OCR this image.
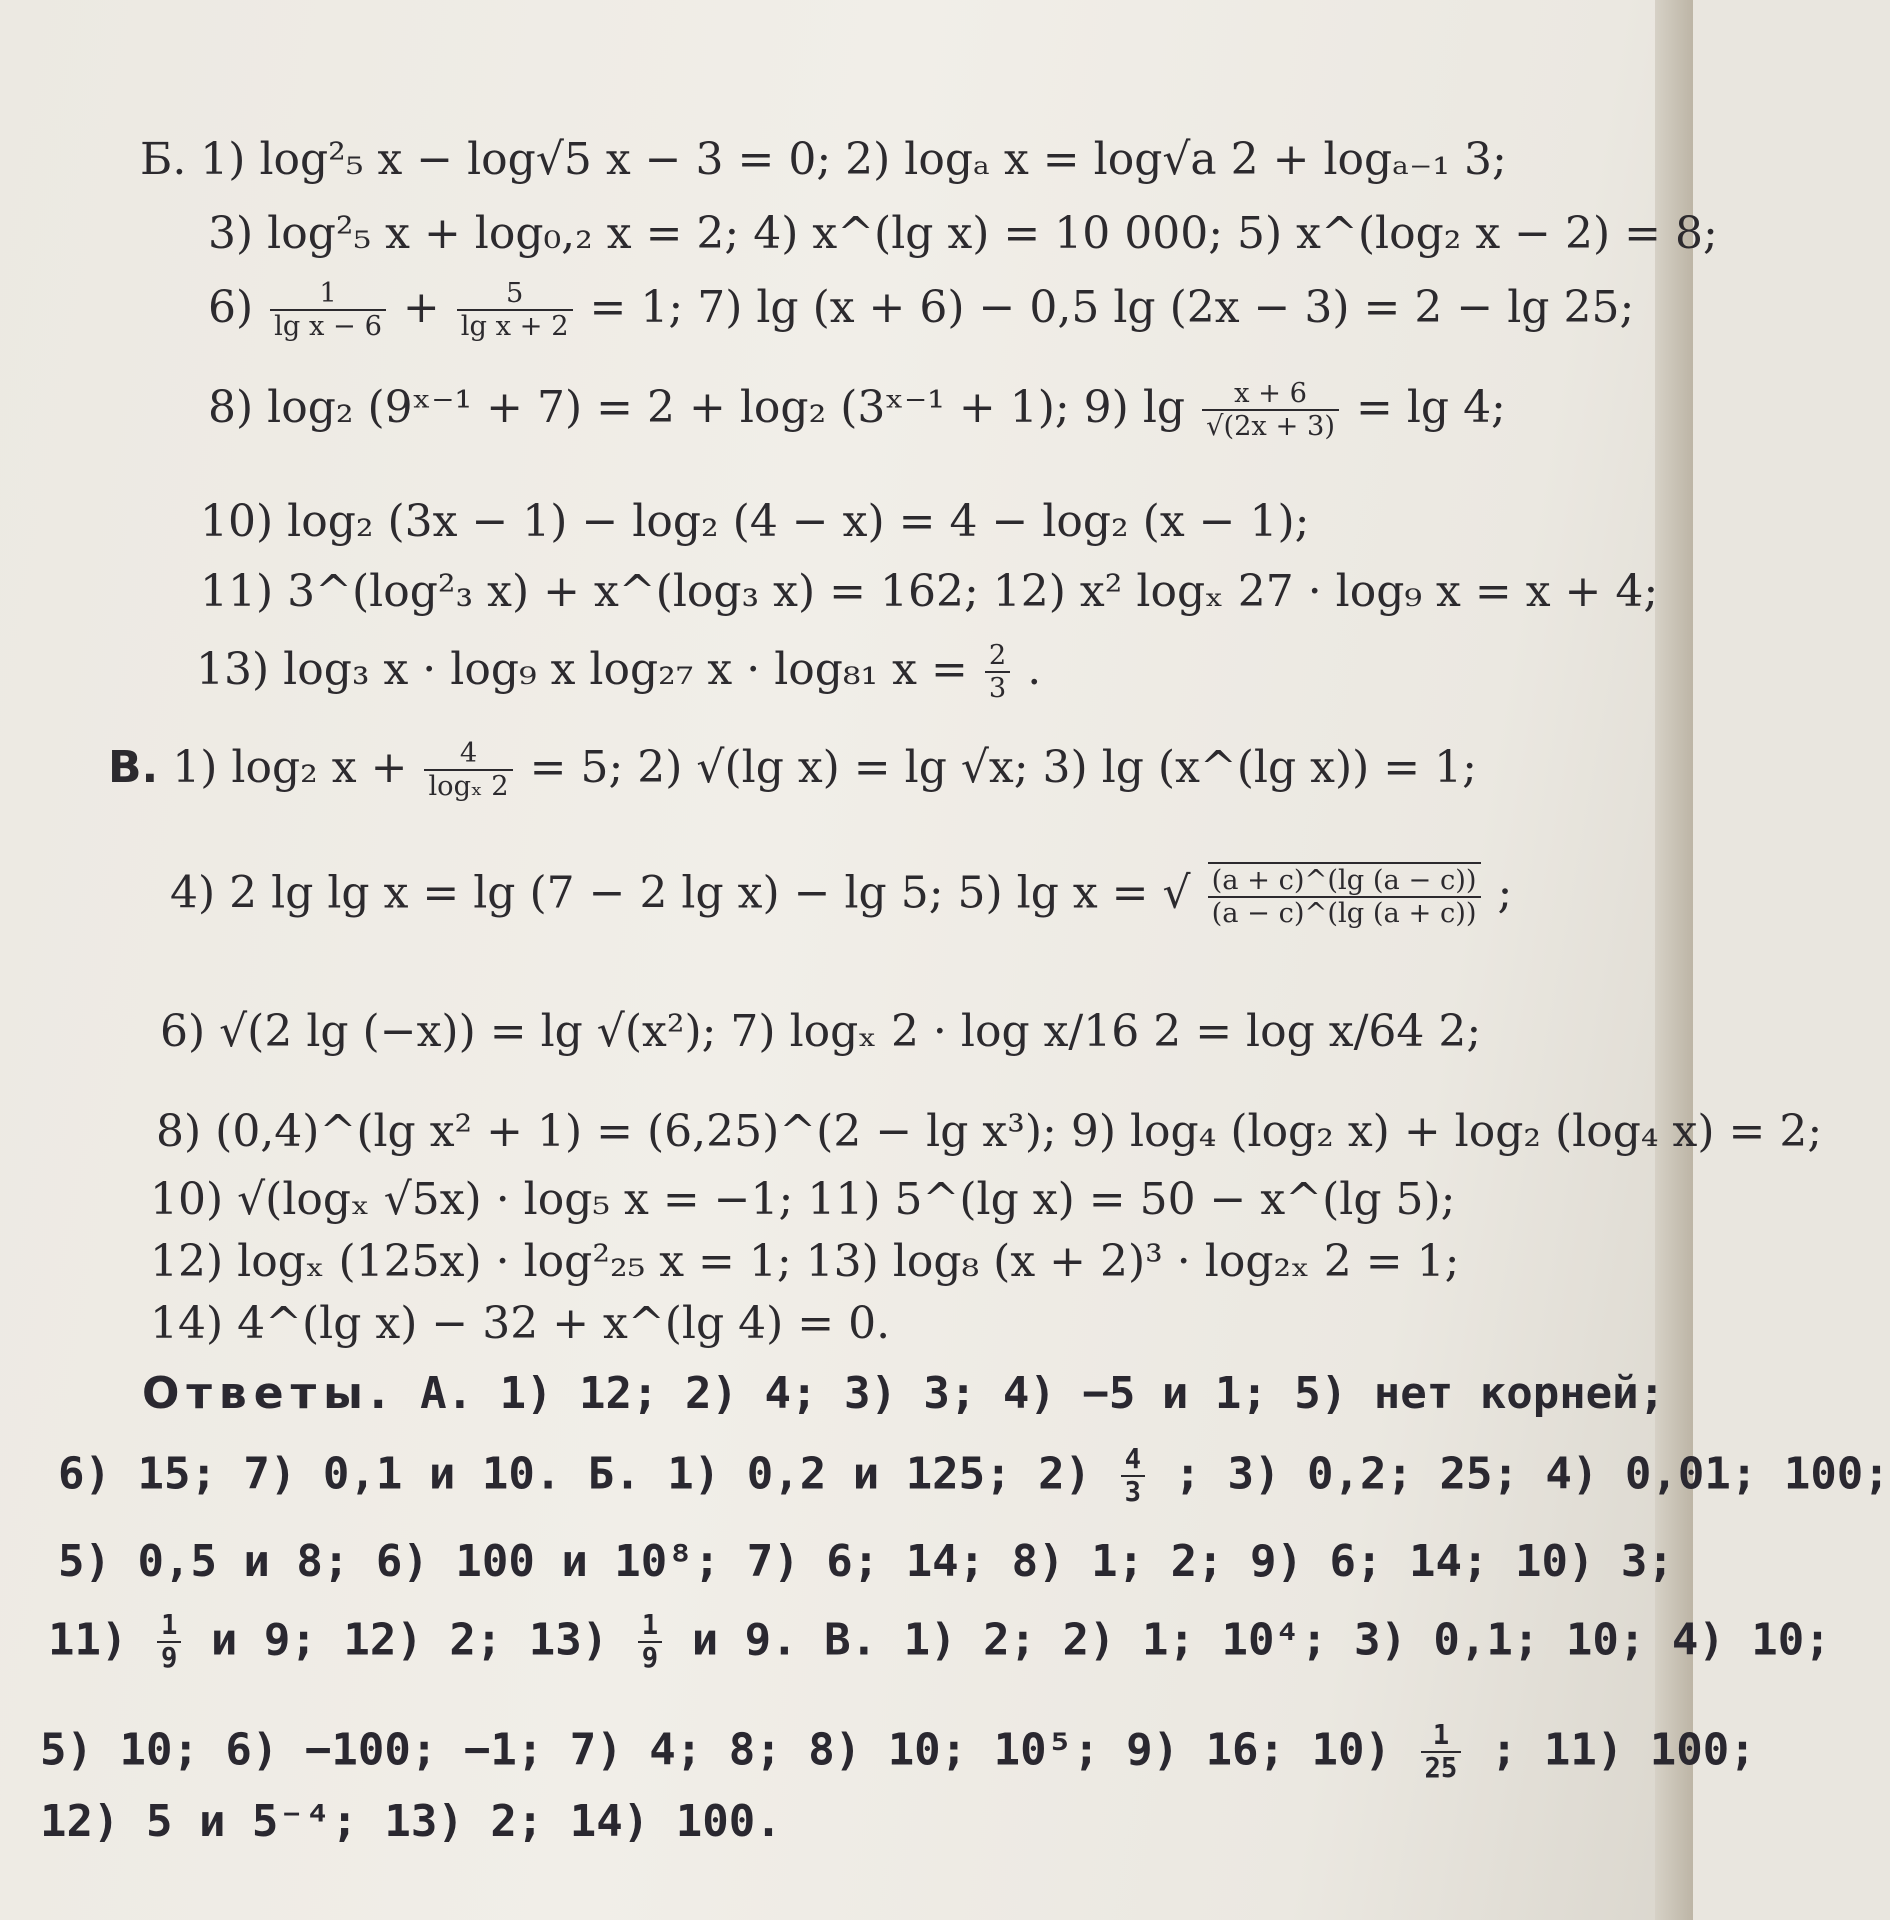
Б. 1) log²₅ x − log√5 x − 3 = 0; 2) logₐ x = log√a 2 + logₐ₋₁ 3;
3) log²₅ x + log₀,₂ x = 2; 4) x^(lg x) = 10 000; 5) x^(log₂ x − 2) = 8;
$6) \frac{1}{\text{lg x − 6}} + \frac{5}{\text{lg x + 2}} = 1$; 7) lg (x + 6) − 0,5 lg (2x − 3) = 2 − lg 25;
8) log₂ (9ˣ⁻¹ + 7) = 2 + log₂ (3ˣ⁻¹ + 1); 9) $\lg \frac{x + 6}{√(2x + 3)} = \lg 4$;
10) log₂ (3x − 1) − log₂ (4 − x) = 4 − log₂ (x − 1);
11) 3^(log²₃ x) + x^(log₃ x) = 162; 12) x² logₓ 27 · log₉ x = x + 4;
13) log₃ x · log₉ x log₂₇ x · log₈₁ $x = \frac{2}{3}$ .
В. 1) log₂ $x + \frac{4}{\text{logₓ 2}} = 5$; 2) √(lg x) = lg √x; 3) lg (x^(lg x)) = 1;
4) 2 lg lg x = lg (7 − 2 lg x) − lg 5; 5) lg x = √ $\frac{(a + c)\^{}(\lg (a - c))}{(a - c)\^{}(\lg (a + c))}$ ;
6) √(2 lg (−x)) = lg √(x²); 7) logₓ 2 · log x/16 2 = log x/64 2;
8) (0,4)^(lg x² + 1) = (6,25)^(2 − lg x³); 9) log₄ (log₂ x) + log₂ (log₄ x) = 2;
10) √(logₓ √5x) · log₅ x = −1; 11) 5^(lg x) = 50 − x^(lg 5);
12) logₓ (125x) · log²₂₅ x = 1; 13) log₈ (x + 2)³ · log₂ₓ 2 = 1;
14) 4^(lg x) − 32 + x^(lg 4) = 0.
Ответы. А. 1) 12; 2) 4; 3) 3; 4) −5 и 1; 5) нет корней;
6) 15; 7) 0,1 и 10. Б. 1) 0,2 и 125; $2) \frac{4}{3}$ ; 3) 0,2; 25; 4) 0,01; 100;
5) 0,5 и 8; 6) 100 и 10⁸; 7) 6; 14; 8) 1; 2; 9) 6; 14; 10) 3;
$11) \frac{1}{9}$ и 9; 12) 2; $13) \frac{1}{9}$ и 9. В. 1) 2; 2) 1; 10⁴; 3) 0,1; 10; 4) 10;
5) 10; 6) −100; −1; 7) 4; 8; 8) 10; 10⁵; 9) 16; $10) \frac{1}{25}$ ; 11) 100;
12) 5 и 5⁻⁴; 13) 2; 14) 100.
